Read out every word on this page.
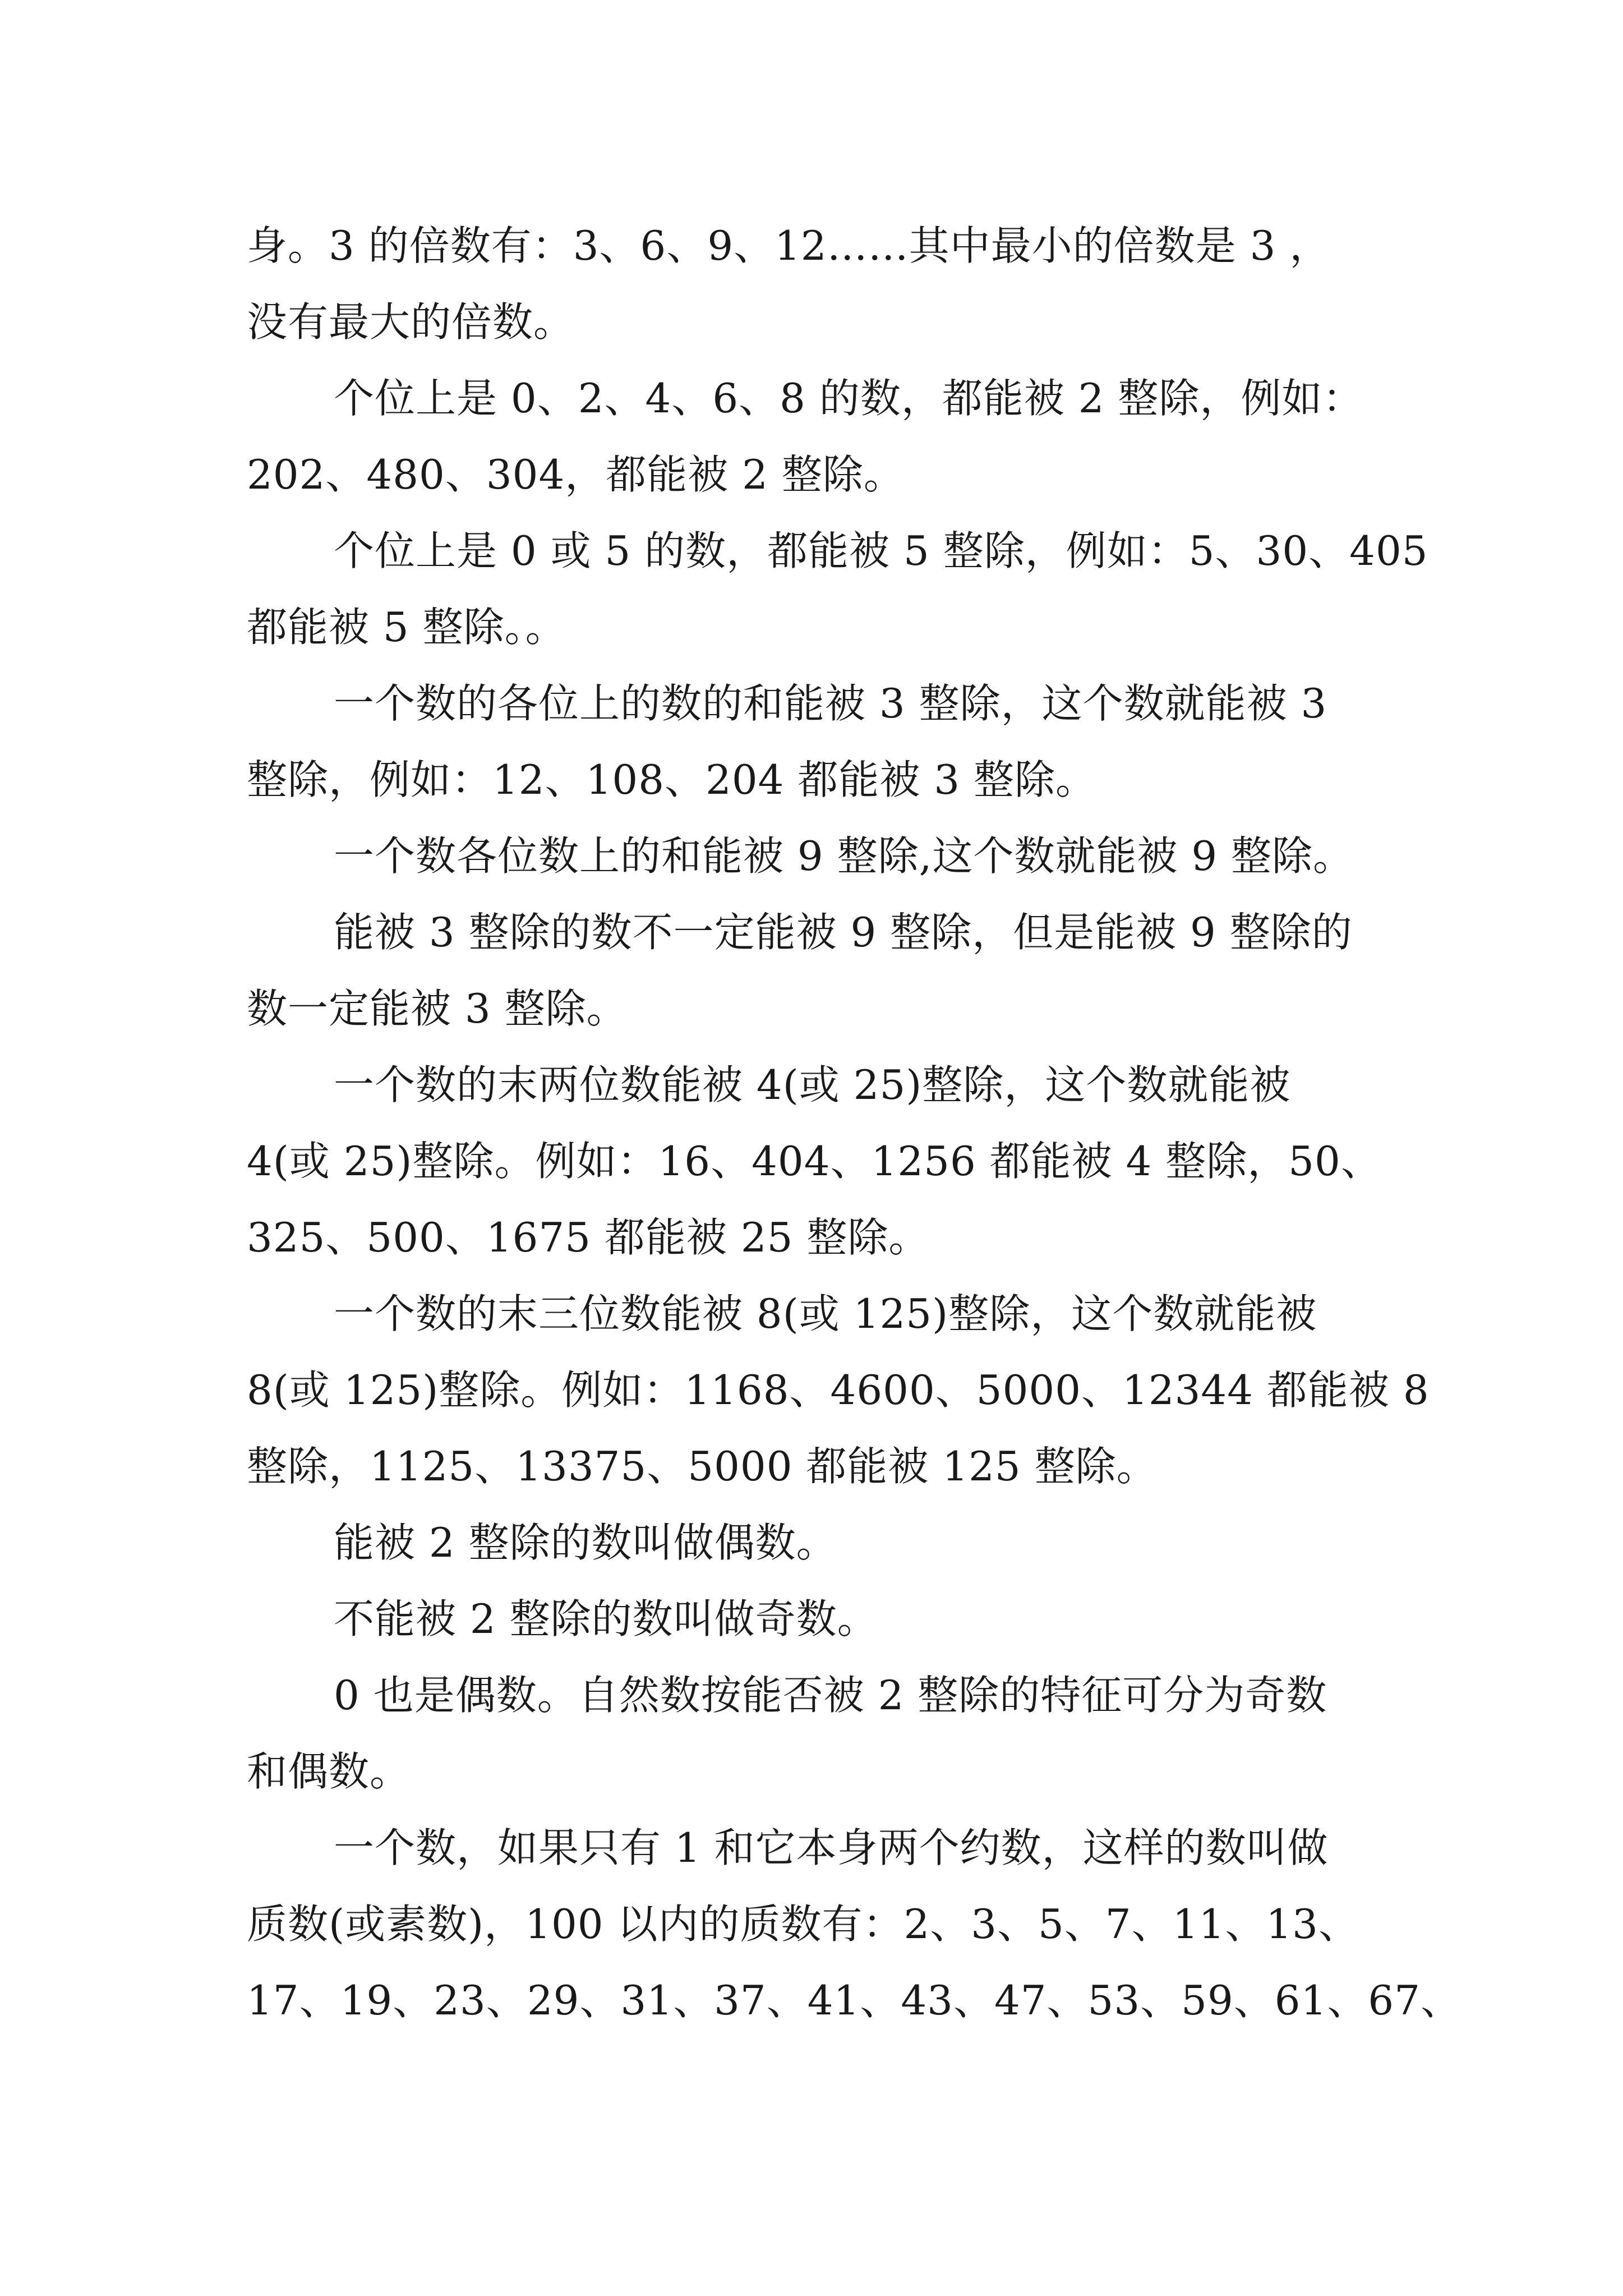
身。3 的倍数有：3、6、9、12……其中最小的倍数是 3 ，
没有最大的倍数。
个位上是 0、2、4、6、8 的数，都能被 2 整除，例如：
202、480、304，都能被 2 整除。
个位上是 0 或 5 的数，都能被 5 整除，例如：5、30、405
都能被 5 整除。。
一个数的各位上的数的和能被 3 整除，这个数就能被 3
整除，例如：12、108、204 都能被 3 整除。
一个数各位数上的和能被 9 整除,这个数就能被 9 整除。
能被 3 整除的数不一定能被 9 整除，但是能被 9 整除的
数一定能被 3 整除。
一个数的末两位数能被 4(或 25)整除，这个数就能被
4(或 25)整除。例如：16、404、1256 都能被 4 整除，50、
325、500、1675 都能被 25 整除。
一个数的末三位数能被 8(或 125)整除，这个数就能被
8(或 125)整除。例如：1168、4600、5000、12344 都能被 8
整除，1125、13375、5000 都能被 125 整除。
能被 2 整除的数叫做偶数。
不能被 2 整除的数叫做奇数。
0 也是偶数。自然数按能否被 2 整除的特征可分为奇数
和偶数。
一个数，如果只有 1 和它本身两个约数，这样的数叫做
质数(或素数)，100 以内的质数有：2、3、5、7、11、13、
17、19、23、29、31、37、41、43、47、53、59、61、67、
